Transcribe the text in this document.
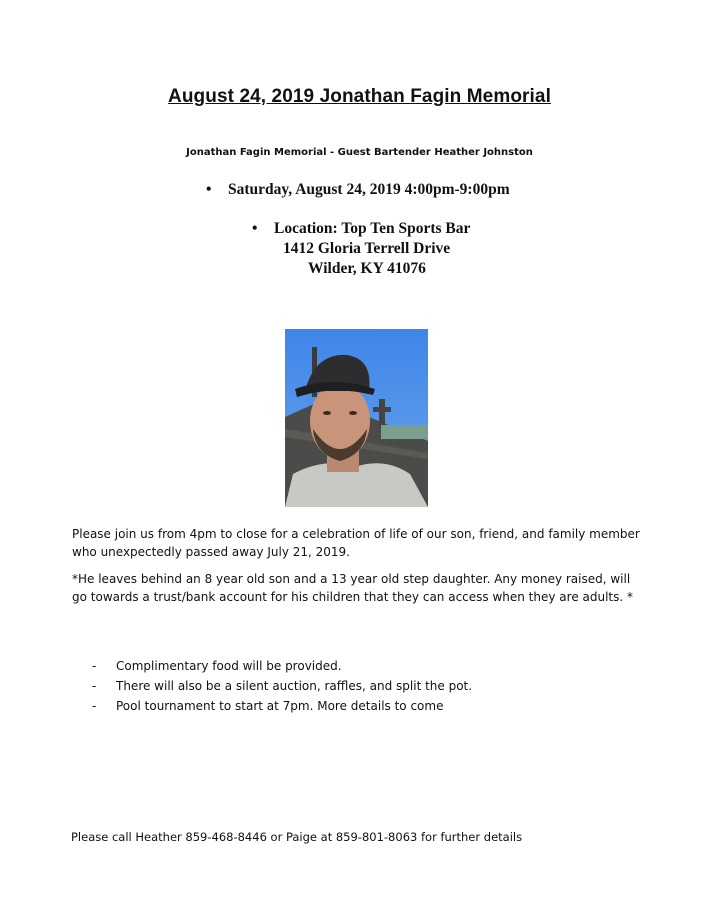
August 24, 2019 Jonathan Fagin Memorial
Jonathan Fagin Memorial - Guest Bartender Heather Johnston
• Saturday, August 24, 2019 4:00pm-9:00pm
• Location: Top Ten Sports Bar
1412 Gloria Terrell Drive
Wilder, KY 41076
Please join us from 4pm to close for a celebration of life of our son, friend, and family member who unexpectedly passed away July 21, 2019.
*He leaves behind an 8 year old son and a 13 year old step daughter. Any money raised, will go towards a trust/bank account for his children that they can access when they are adults. *
- Complimentary food will be provided.
- There will also be a silent auction, raffles, and split the pot.
- Pool tournament to start at 7pm. More details to come
Please call Heather 859-468-8446 or Paige at 859-801-8063 for further details
